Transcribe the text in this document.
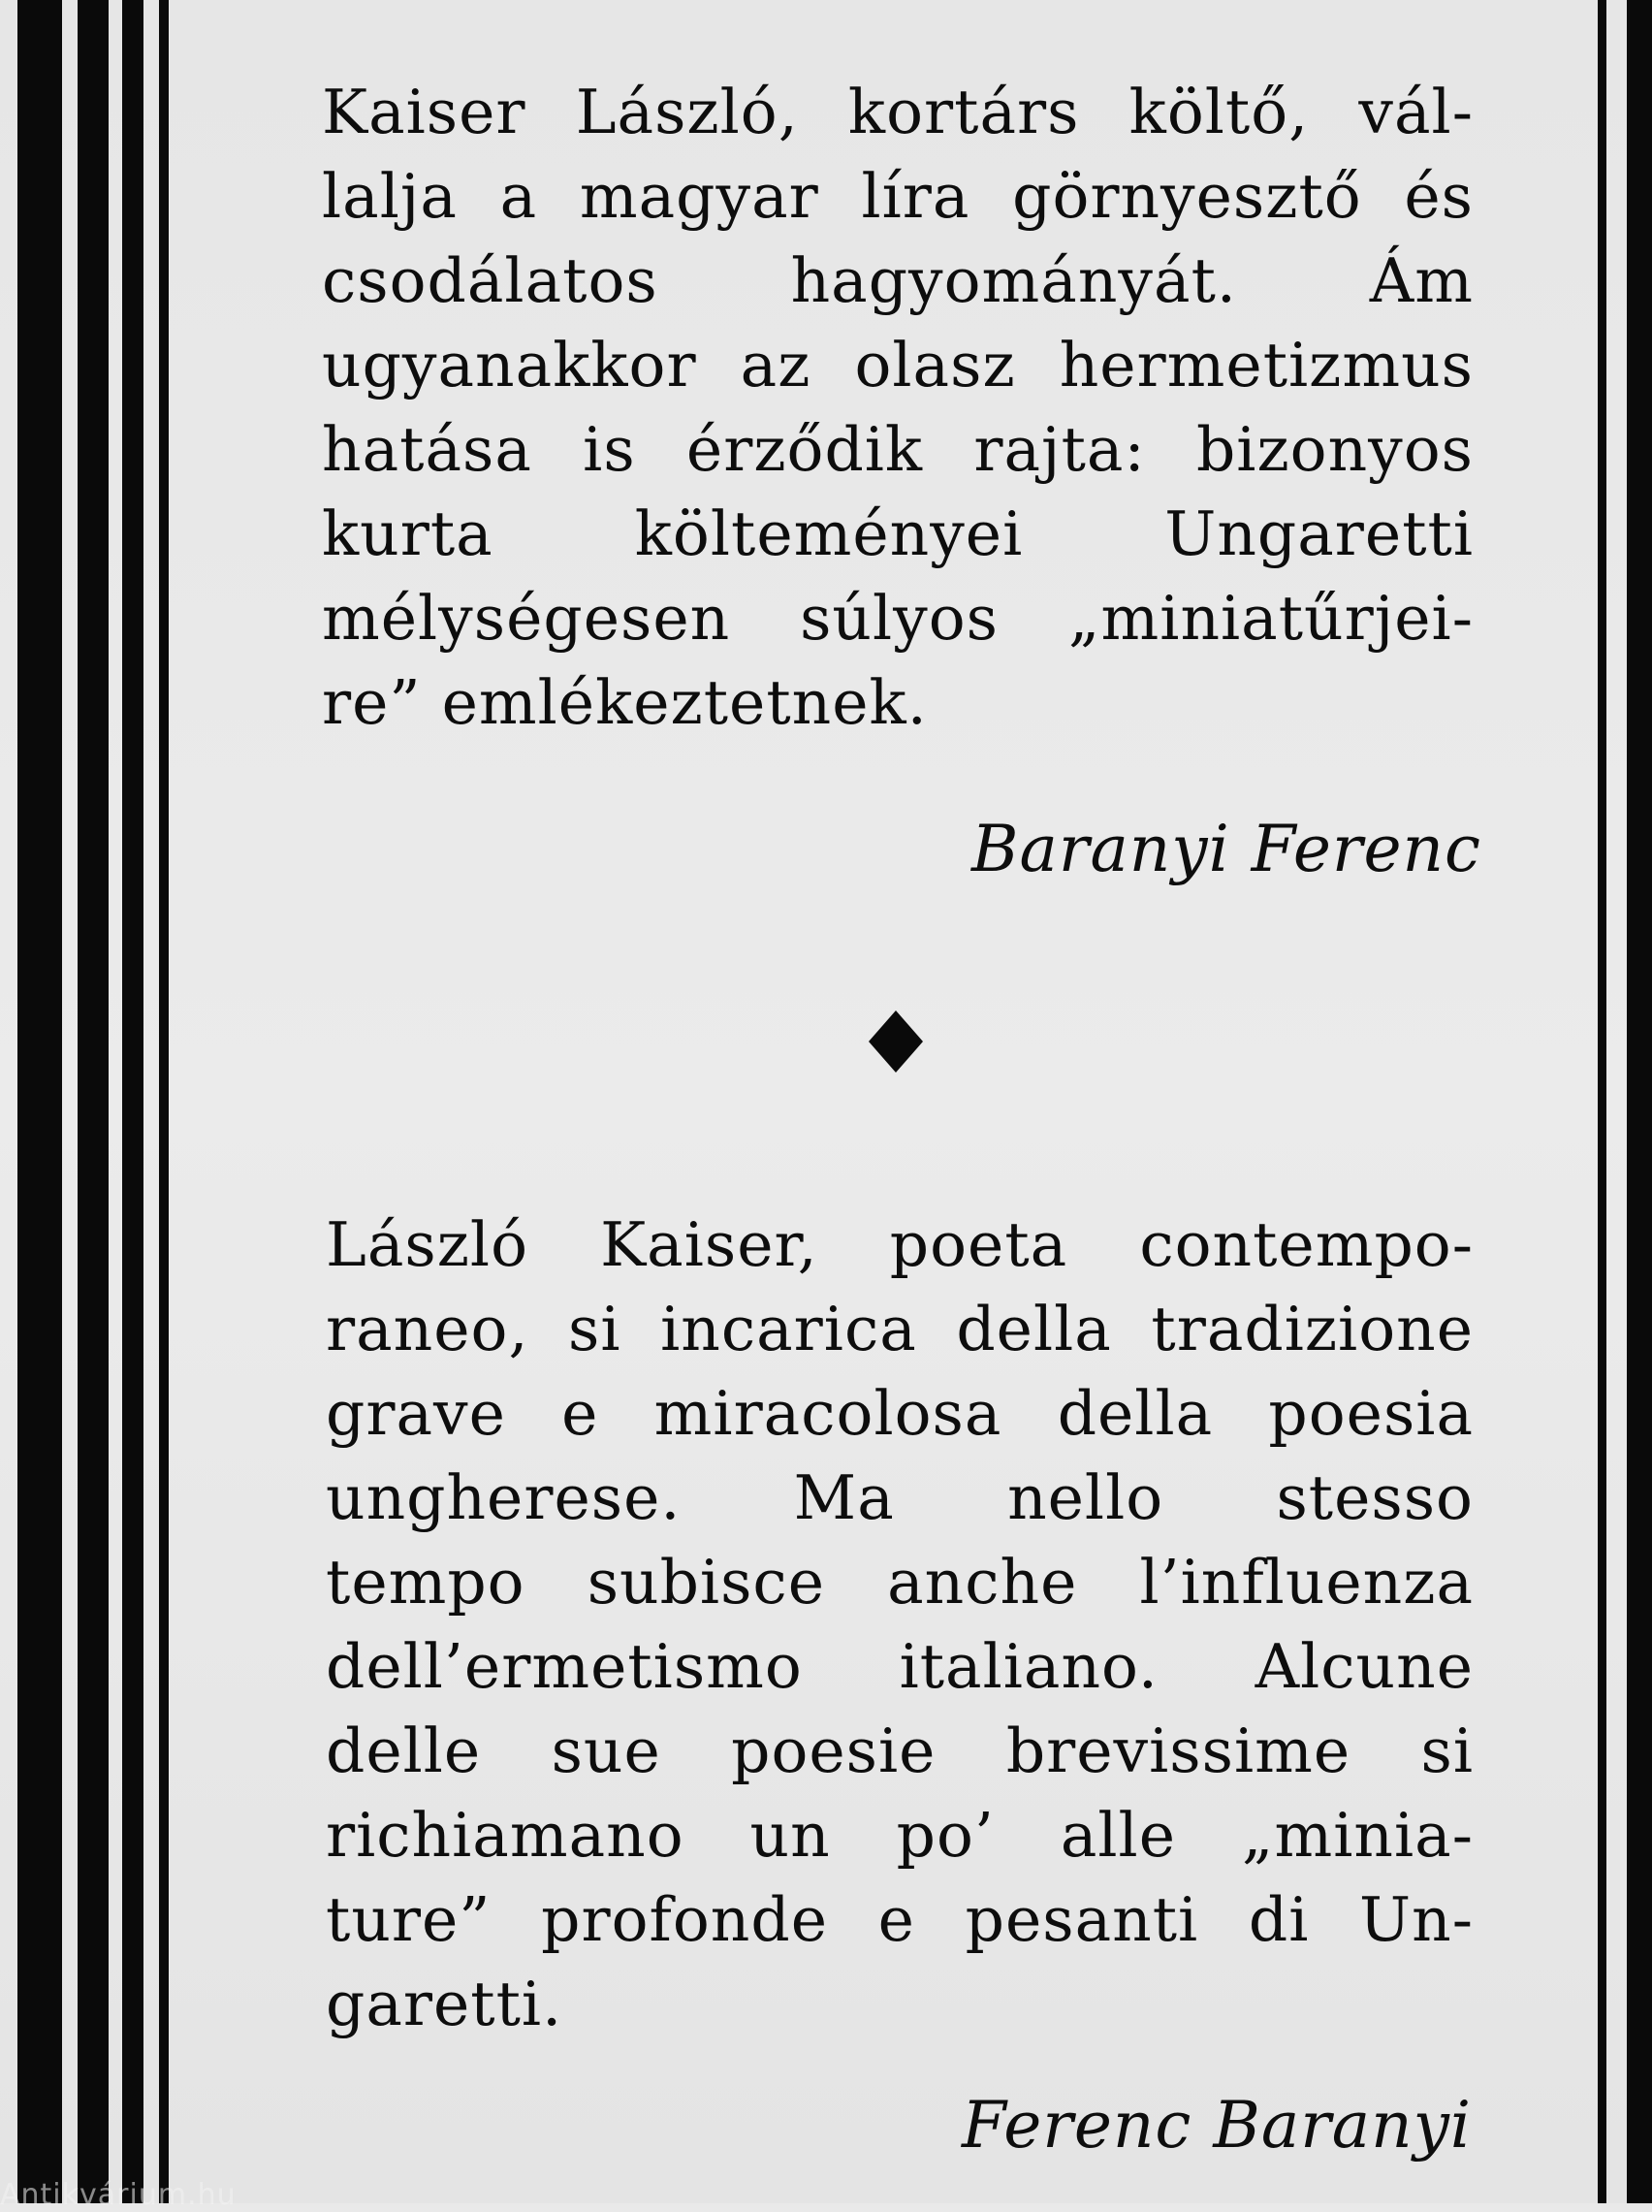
Kaiser László, kortárs költő, vál-
lalja a magyar líra görnyesztő és
csodálatos hagyományát. Ám
ugyanakkor az olasz hermetizmus
hatása is érződik rajta: bizonyos
kurta költeményei Ungaretti
mélységesen súlyos „miniatűrjei-
re” emlékeztetnek.
Baranyi Ferenc
László Kaiser, poeta contempo-
raneo, si incarica della tradizione
grave e miracolosa della poesia
ungherese. Ma nello stesso
tempo subisce anche l’influenza
dell’ermetismo italiano. Alcune
delle sue poesie brevissime si
richiamano un po’ alle „minia-
ture” profonde e pesanti di Un-
garetti.
Ferenc Baranyi
Antikvárium.hu
